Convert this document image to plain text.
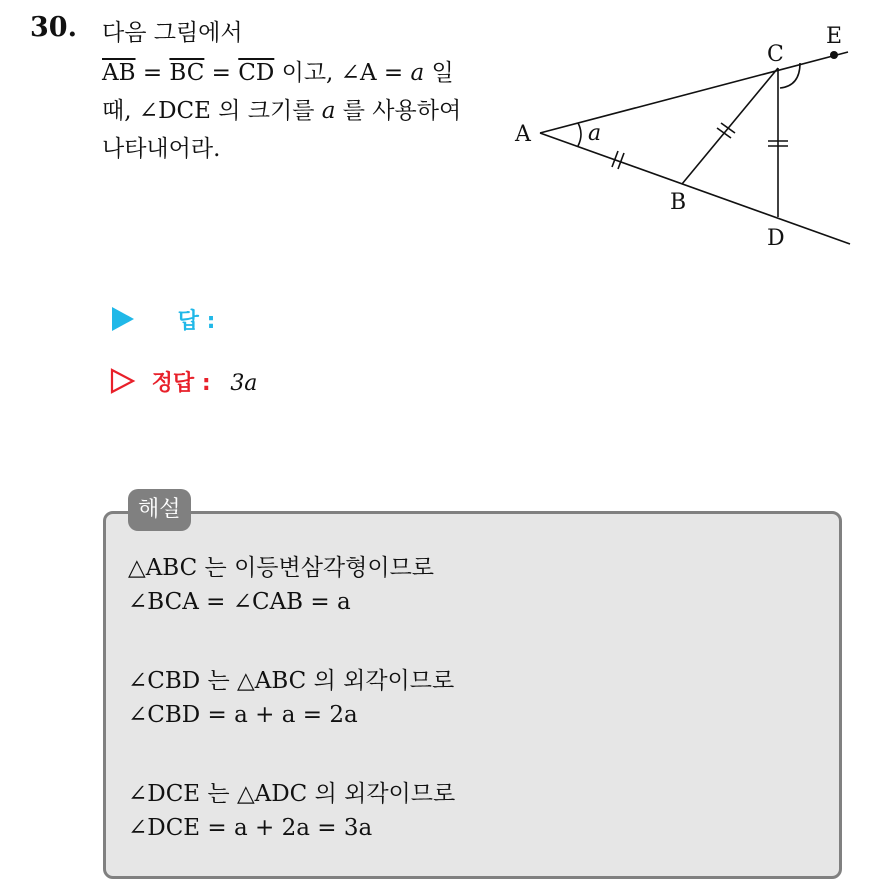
30. 다음 그림에서
$\overline{AB} = \overline{BC} = \overline{CD}$ 이고, ∠A = a 일
때, ∠DCE 의 크기를 a 를 사용하여
나타내어라.
A
B
C
D
E
a
답 :
정답 : 3a
해설
△ABC 는 이등변삼각형이므로
∠BCA = ∠CAB = a
∠CBD 는 △ABC 의 외각이므로
∠CBD = a + a = 2a
∠DCE 는 △ADC 의 외각이므로
∠DCE = a + 2a = 3a
